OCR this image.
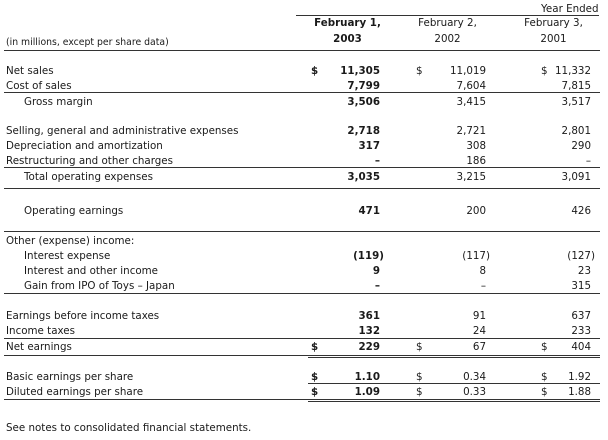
Year Ended
February 1,
2003
February 2,
2002
February 3,
2001
(in millions, except per share data)
Net sales	$	11,305	$	11,019	$ 11,332
Cost of sales	7,799	7,604	7,815
Gross margin	3,506	3,415	3,517
Selling, general and administrative expenses	2,718	2,721	2,801
Depreciation and amortization	317	308	290
Restructuring and other charges	–	186	–
Total operating expenses	3,035	3,215	3,091
Operating earnings	471	200	426
Other (expense) income:
Interest expense	(119)	(117)	(127)
Interest and other income	9	8	23
Gain from IPO of Toys – Japan	–	–	315
Earnings before income taxes	361	91	637
Income taxes	132	24	233
Net earnings	$	229	$	67	$	404
Basic earnings per share	$	1.10	$	0.34	$	1.92
Diluted earnings per share	$	1.09	$	0.33	$	1.88
See notes to consolidated financial statements.
